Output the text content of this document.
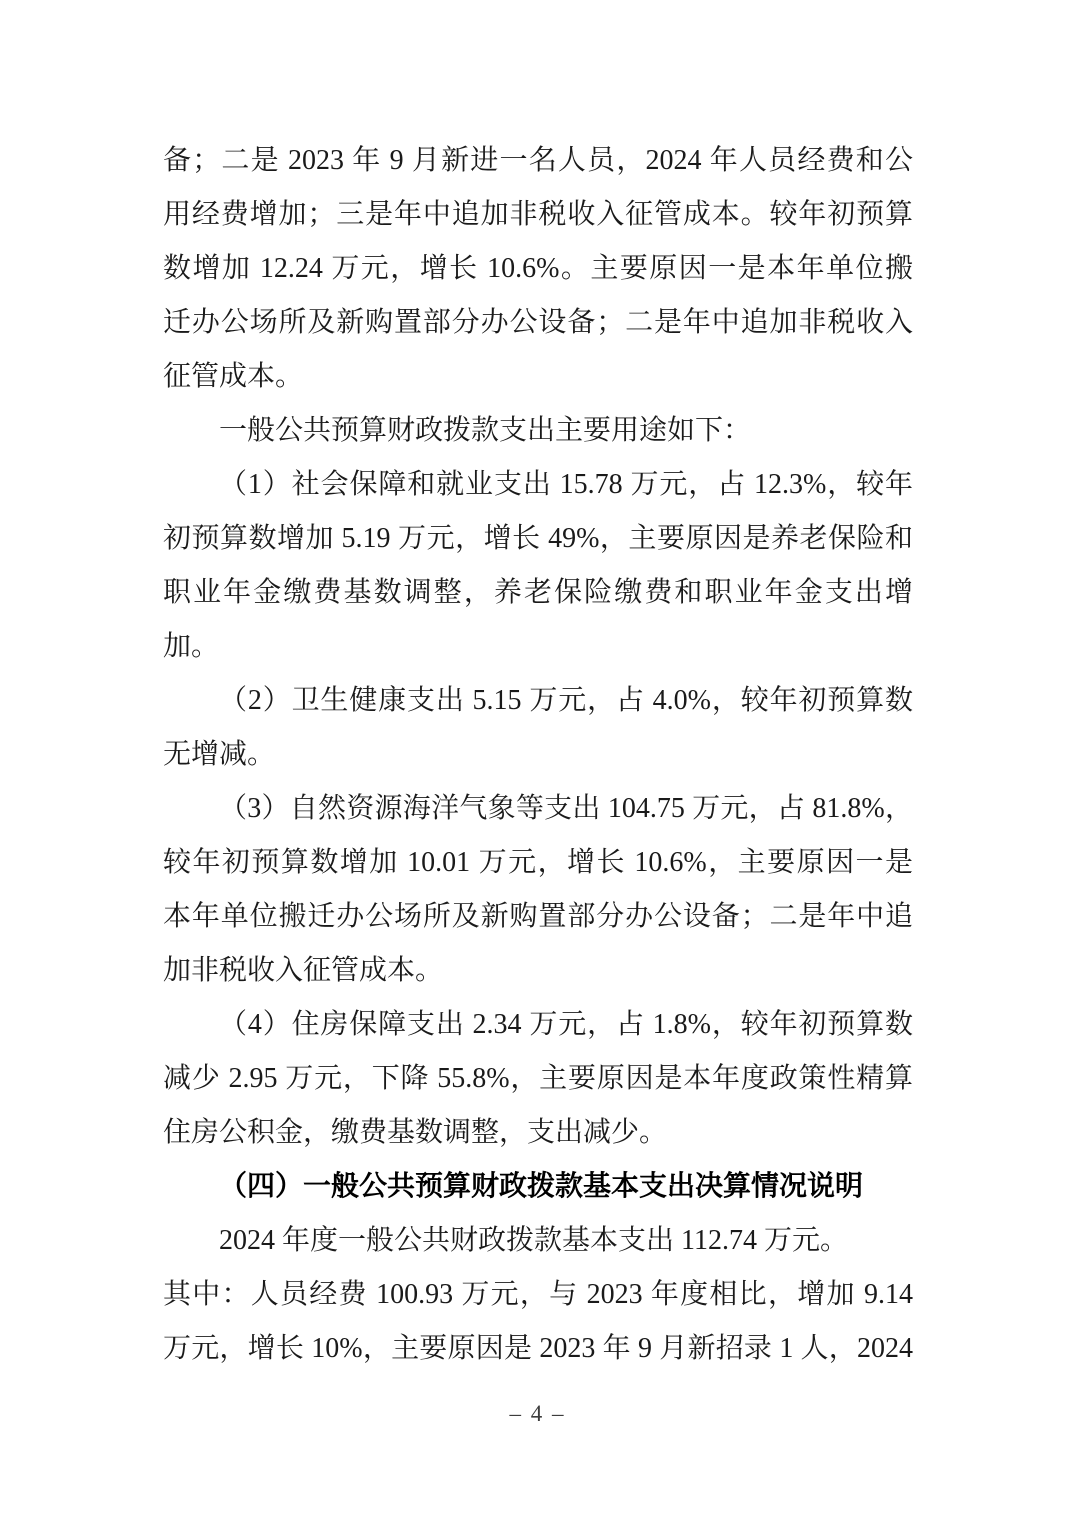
备；二是 2023 年 9 月新进一名人员，2024 年人员经费和公
用经费增加；三是年中追加非税收入征管成本。较年初预算
数增加 12.24 万元，增长 10.6%。主要原因一是本年单位搬
迁办公场所及新购置部分办公设备；二是年中追加非税收入
征管成本。
一般公共预算财政拨款支出主要用途如下：
（1）社会保障和就业支出 15.78 万元，占 12.3%，较年
初预算数增加 5.19 万元，增长 49%，主要原因是养老保险和
职业年金缴费基数调整，养老保险缴费和职业年金支出增
加。
（2）卫生健康支出 5.15 万元，占 4.0%，较年初预算数
无增减。
（3）自然资源海洋气象等支出 104.75 万元，占 81.8%，
较年初预算数增加 10.01 万元，增长 10.6%，主要原因一是
本年单位搬迁办公场所及新购置部分办公设备；二是年中追
加非税收入征管成本。
（4）住房保障支出 2.34 万元，占 1.8%，较年初预算数
减少 2.95 万元，下降 55.8%，主要原因是本年度政策性精算
住房公积金，缴费基数调整，支出减少。
（四）一般公共预算财政拨款基本支出决算情况说明
2024 年度一般公共财政拨款基本支出 112.74 万元。
其中：人员经费 100.93 万元，与 2023 年度相比，增加 9.14
万元，增长 10%，主要原因是 2023 年 9 月新招录 1 人，2024
– 4 –
